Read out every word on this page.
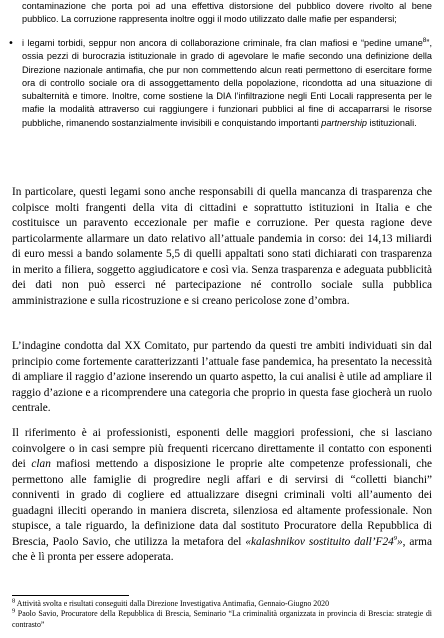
contaminazione che porta poi ad una effettiva distorsione del pubblico dovere rivolto al bene pubblico. La corruzione rappresenta inoltre oggi il modo utilizzato dalle mafie per espandersi;

• i legami torbidi, seppur non ancora di collaborazione criminale, fra clan mafiosi e “pedine umane$^8$”, ossia pezzi di burocrazia istituzionale in grado di agevolare le mafie secondo una definizione della Direzione nazionale antimafia, che pur non commettendo alcun reati permettono di esercitare forme ora di controllo sociale ora di assoggettamento della popolazione, ricondotta ad una situazione di subalternità e timore. Inoltre, come sostiene la DIA l’infiltrazione negli Enti Locali rappresenta per le mafie la modalità attraverso cui raggiungere i funzionari pubblici al fine di accaparrarsi le risorse pubbliche, rimanendo sostanzialmente invisibili e conquistando importanti partnership istituzionali.

In particolare, questi legami sono anche responsabili di quella mancanza di trasparenza che colpisce molti frangenti della vita di cittadini e soprattutto istituzioni in Italia e che costituisce un paravento eccezionale per mafie e corruzione. Per questa ragione deve particolarmente allarmare un dato relativo all’attuale pandemia in corso: dei 14,13 miliardi di euro messi a bando solamente 5,5 di quelli appaltati sono stati dichiarati con trasparenza in merito a filiera, soggetto aggiudicatore e così via. Senza trasparenza e adeguata pubblicità dei dati non può esserci né partecipazione né controllo sociale sulla pubblica amministrazione e sulla ricostruzione e si creano pericolose zone d’ombra.

L’indagine condotta dal XX Comitato, pur partendo da questi tre ambiti individuati sin dal principio come fortemente caratterizzanti l’attuale fase pandemica, ha presentato la necessità di ampliare il raggio d’azione inserendo un quarto aspetto, la cui analisi è utile ad ampliare il raggio d’azione e a ricomprendere una categoria che proprio in questa fase giocherà un ruolo centrale.

Il riferimento è ai professionisti, esponenti delle maggiori professioni, che si lasciano coinvolgere o in casi sempre più frequenti ricercano direttamente il contatto con esponenti dei clan mafiosi mettendo a disposizione le proprie alte competenze professionali, che permettono alle famiglie di progredire negli affari e di servirsi di “colletti bianchi” conniventi in grado di cogliere ed attualizzare disegni criminali volti all’aumento dei guadagni illeciti operando in maniera discreta, silenziosa ed altamente professionale. Non stupisce, a tale riguardo, la definizione data dal sostituto Procuratore della Repubblica di Brescia, Paolo Savio, che utilizza la metafora del «kalashnikov sostituito $dall’F24^9$», arma che è lì pronta per essere adoperata.

$^8$ Attività svolta e risultati conseguiti dalla Direzione Investigativa Antimafia, Gennaio-Giugno 2020

$^9$ Paolo Savio, Procuratore della Repubblica di Brescia, Seminario “La criminalità organizzata in provincia di Brescia: strategie di contrasto”
